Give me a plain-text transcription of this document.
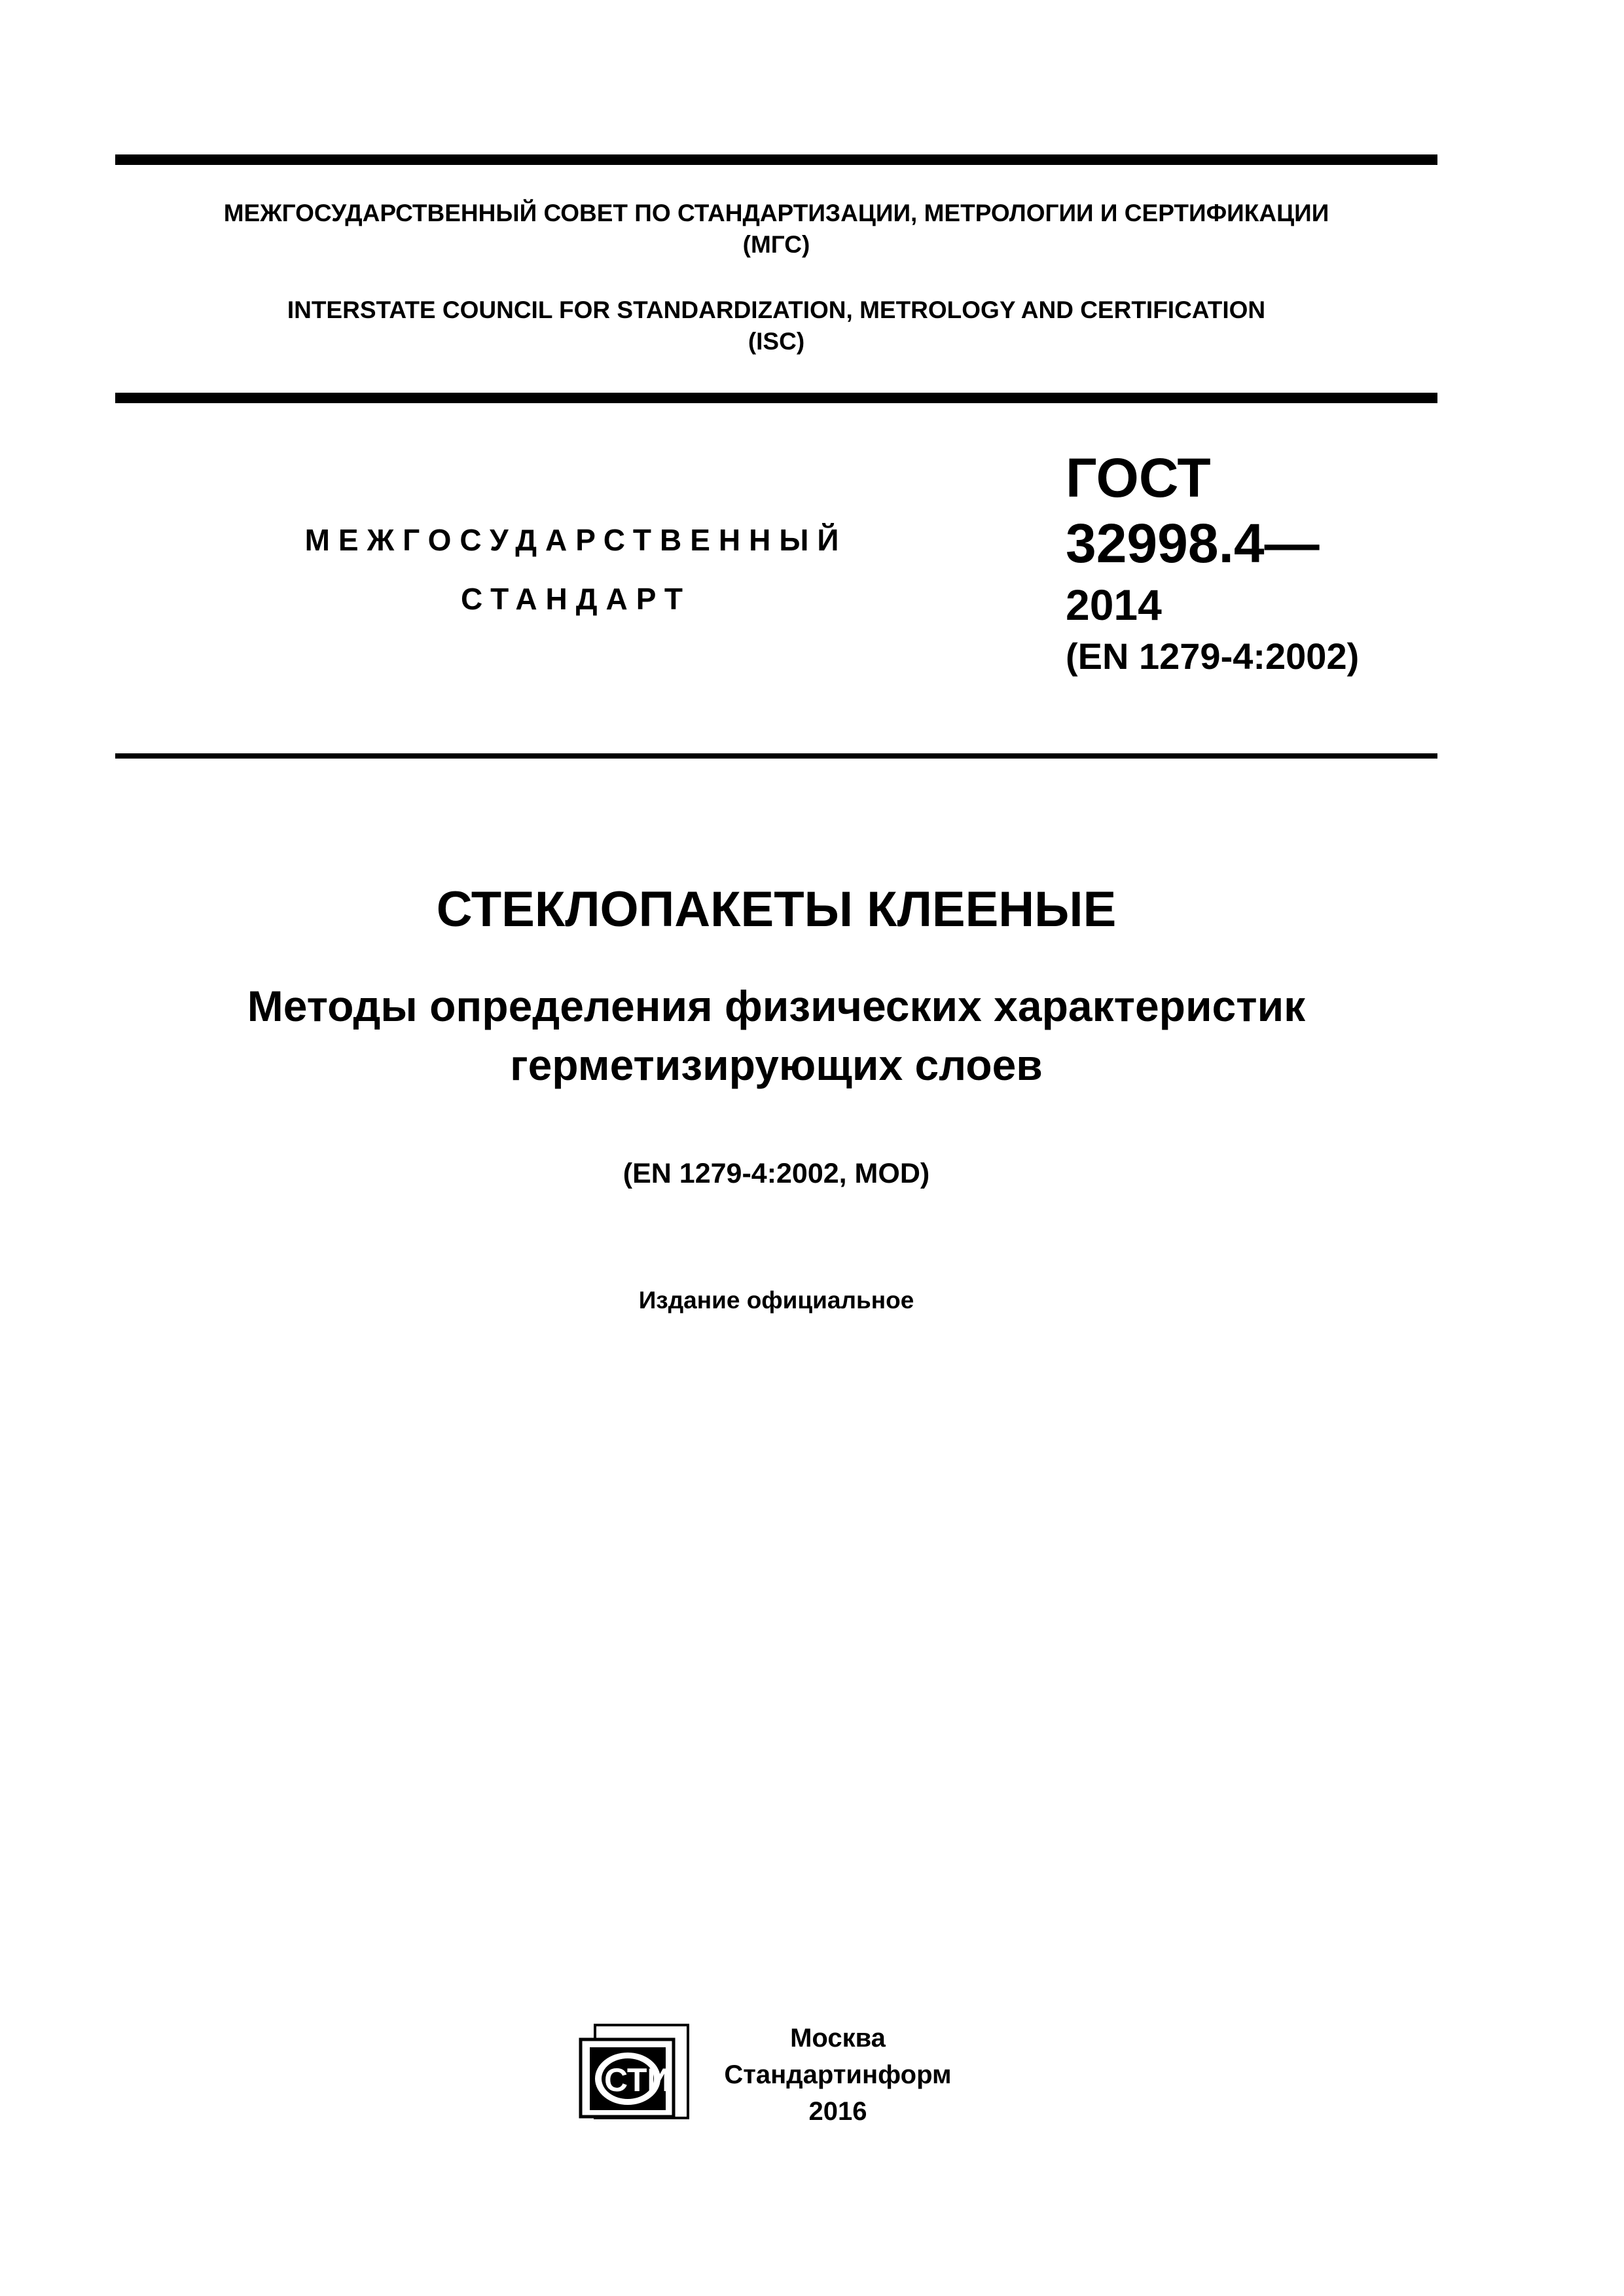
МЕЖГОСУДАРСТВЕННЫЙ СОВЕТ ПО СТАНДАРТИЗАЦИИ, МЕТРОЛОГИИ И СЕРТИФИКАЦИИ
(МГС)
INTERSTATE COUNCIL FOR STANDARDIZATION, METROLOGY AND CERTIFICATION
(ISC)
МЕЖГОСУДАРСТВЕННЫЙ
СТАНДАРТ
ГОСТ
32998.4—
2014
(EN 1279-4:2002)
СТЕКЛОПАКЕТЫ КЛЕЕНЫЕ
Методы определения физических характеристик
герметизирующих слоев
(EN 1279-4:2002, MOD)
Издание официальное
СТИ
Москва
Стандартинформ
2016
